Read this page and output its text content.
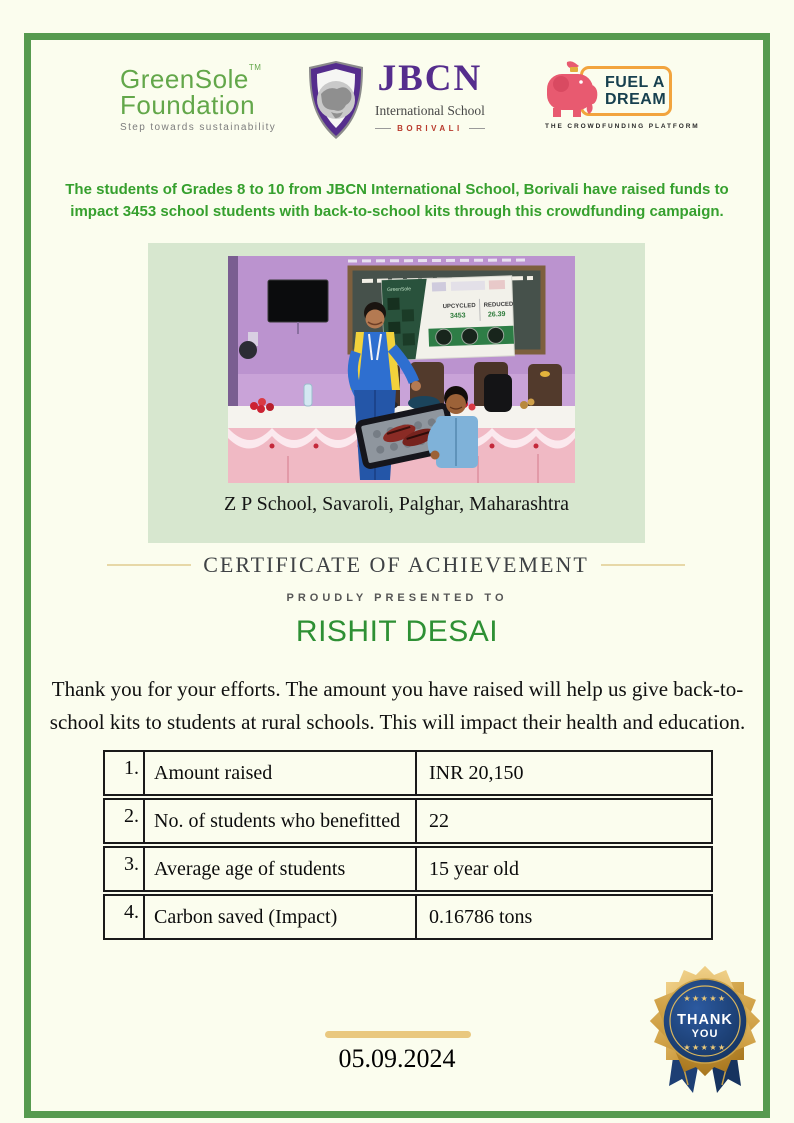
GreenSole™
Foundation
Step towards sustainability
JBCN
International School
BORIVALI
FUEL A
DREAM
THE CROWDFUNDING PLATFORM
The students of Grades 8 to 10 from JBCN International School, Borivali have raised funds to impact 3453 school students with back-to-school kits through this crowdfunding campaign.
GreenSole
UPCYCLED
3453
REDUCED
26.39
Z P School, Savaroli, Palghar, Maharashtra
CERTIFICATE OF ACHIEVEMENT
PROUDLY PRESENTED TO
RISHIT DESAI
Thank you for your efforts. The amount you have raised will help us give back-to-school kits to students at rural schools. This will impact their health and education.
1. Amount raised	INR 20,150
2. No. of students who benefitted	22
3. Average age of students	15 year old
4. Carbon saved (Impact)	0.16786 tons
★★★★★
THANK
YOU
★★★★★
05.09.2024
